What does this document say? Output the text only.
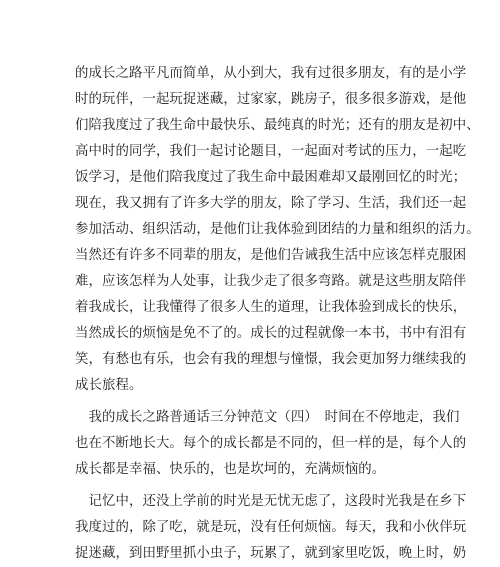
的成长之路平凡而简单，从小到大，我有过很多朋友，有的是小学
时的玩伴，一起玩捉迷藏，过家家，跳房子，很多很多游戏，是他
们陪我度过了我生命中最快乐、最纯真的时光；还有的朋友是初中、
高中时的同学，我们一起讨论题目，一起面对考试的压力，一起吃
饭学习，是他们陪我度过了我生命中最困难却又最刚回忆的时光；
现在，我又拥有了许多大学的朋友，除了学习、生活，我们还一起
参加活动、组织活动，是他们让我体验到团结的力量和组织的活力。
当然还有许多不同辈的朋友，是他们告诫我生活中应该怎样克服困
难，应该怎样为人处事，让我少走了很多弯路。就是这些朋友陪伴
着我成长，让我懂得了很多人生的道理，让我体验到成长的快乐，
当然成长的烦恼是免不了的。成长的过程就像一本书，书中有泪有
笑，有愁也有乐，也会有我的理想与憧憬，我会更加努力继续我的
成长旅程。

　我的成长之路普通话三分钟范文（四）　时间在不停地走，我们
也在不断地长大。每个的成长都是不同的，但一样的是，每个人的
成长都是幸福、快乐的，也是坎坷的，充满烦恼的。

　记忆中，还没上学前的时光是无忧无虑了，这段时光我是在乡下
我度过的，除了吃，就是玩，没有任何烦恼。每天，我和小伙伴玩
捉迷藏，到田野里抓小虫子，玩累了，就到家里吃饭，晚上时，奶
